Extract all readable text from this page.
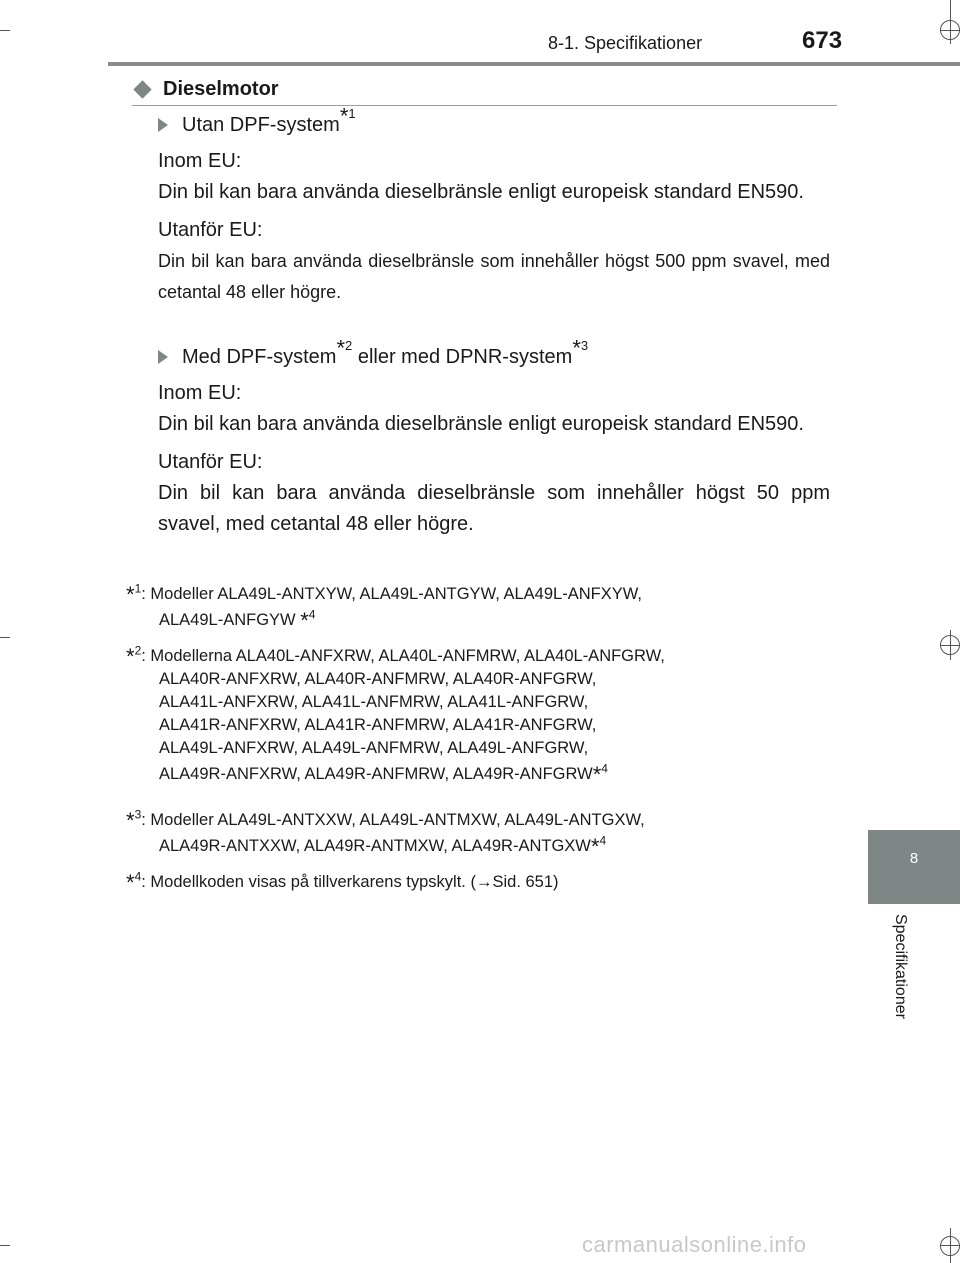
8-1. Specifikationer	673
8
Specifikationer
Dieselmotor
Utan DPF-system*$^1$
Inom EU:
Din bil kan bara använda dieselbränsle enligt europeisk standard EN590.
Utanför EU:
Din bil kan bara använda dieselbränsle som innehåller högst 500 ppm svavel, med cetantal 48 eller högre.
Med DPF-system*$^2$ eller med DPNR-system*$^3$
Inom EU:
Din bil kan bara använda dieselbränsle enligt europeisk standard EN590.
Utanför EU:
Din bil kan bara använda dieselbränsle som innehåller högst 50 ppm svavel, med cetantal 48 eller högre.
*$^1$: Modeller ALA49L-ANTXYW, ALA49L-ANTGYW, ALA49L-ANFXYW,
ALA49L-ANFGYW *$^4$
*$^2$: Modellerna ALA40L-ANFXRW, ALA40L-ANFMRW, ALA40L-ANFGRW,
ALA40R-ANFXRW, ALA40R-ANFMRW, ALA40R-ANFGRW,
ALA41L-ANFXRW, ALA41L-ANFMRW, ALA41L-ANFGRW,
ALA41R-ANFXRW, ALA41R-ANFMRW, ALA41R-ANFGRW,
ALA49L-ANFXRW, ALA49L-ANFMRW, ALA49L-ANFGRW,
ALA49R-ANFXRW, ALA49R-ANFMRW, ALA49R-ANFGRW*$^4$
*$^3$: Modeller ALA49L-ANTXXW, ALA49L-ANTMXW, ALA49L-ANTGXW,
ALA49R-ANTXXW, ALA49R-ANTMXW, ALA49R-ANTGXW*$^4$
*$^4$: Modellkoden visas på tillverkarens typskylt. (→Sid. 651)
carmanualsonline.info
